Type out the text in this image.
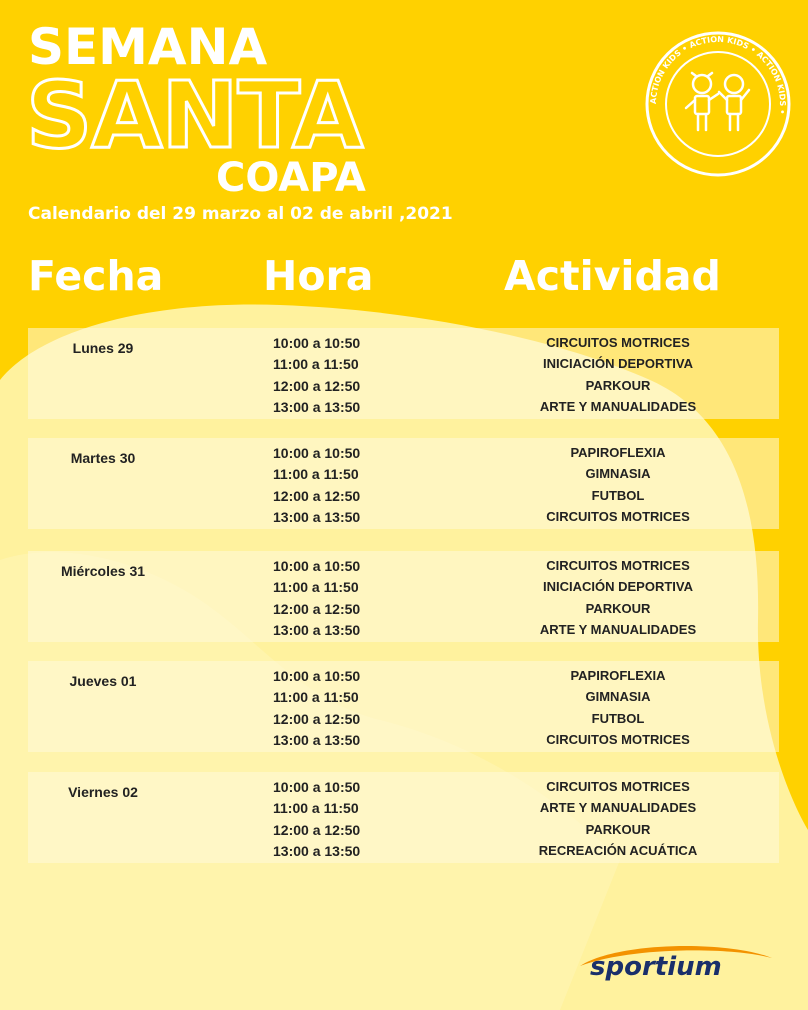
SEMANA
SANTA
COAPA
Calendario del 29 marzo al 02 de abril ,2021
ACTION KIDS • ACTION KIDS • ACTION KIDS •
Fecha Hora	Actividad
Lunes 29	10:00 a 10:50	CIRCUITOS MOTRICES
11:00 a 11:50	INICIACIÓN DEPORTIVA
12:00 a 12:50	PARKOUR
13:00 a 13:50	ARTE Y MANUALIDADES
Martes 30	10:00 a 10:50	PAPIROFLEXIA
11:00 a 11:50	GIMNASIA
12:00 a 12:50	FUTBOL
13:00 a 13:50	CIRCUITOS MOTRICES
Miércoles 31	10:00 a 10:50	CIRCUITOS MOTRICES
11:00 a 11:50	INICIACIÓN DEPORTIVA
12:00 a 12:50	PARKOUR
13:00 a 13:50	ARTE Y MANUALIDADES
Jueves 01	10:00 a 10:50	PAPIROFLEXIA
11:00 a 11:50	GIMNASIA
12:00 a 12:50	FUTBOL
13:00 a 13:50	CIRCUITOS MOTRICES
Viernes 02	10:00 a 10:50	CIRCUITOS MOTRICES
11:00 a 11:50	ARTE Y MANUALIDADES
12:00 a 12:50	PARKOUR
13:00 a 13:50	RECREACIÓN ACUÁTICA
sportium
